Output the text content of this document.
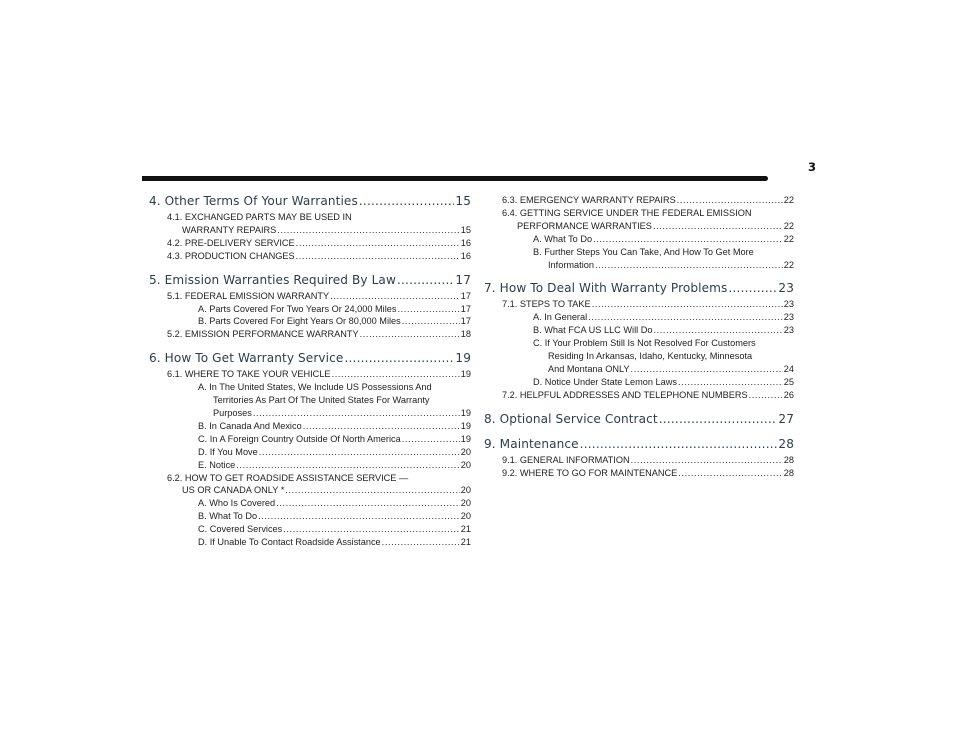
3
4. Other Terms Of Your Warranties .....	15
4.1. EXCHANGED PARTS MAY BE USED IN
WARRANTY REPAIRS .....	15
4.2. PRE-DELIVERY SERVICE .....	16
4.3. PRODUCTION CHANGES .....	16
5. Emission Warranties Required By Law .....	17
5.1. FEDERAL EMISSION WARRANTY .....	17
A. Parts Covered For Two Years Or 24,000 Miles .....	17
B. Parts Covered For Eight Years Or 80,000 Miles .....	17
5.2. EMISSION PERFORMANCE WARRANTY .....	18
6. How To Get Warranty Service .....	19
6.1. WHERE TO TAKE YOUR VEHICLE .....	19
A. In The United States, We Include US Possessions And
Territories As Part Of The United States For Warranty
Purposes .....	19
B. In Canada And Mexico .....	19
C. In A Foreign Country Outside Of North America .....	19
D. If You Move .....	20
E. Notice .....	20
6.2. HOW TO GET ROADSIDE ASSISTANCE SERVICE —
US OR CANADA ONLY * .....	20
A. Who Is Covered .....	20
B. What To Do .....	20
C. Covered Services .....	21
D. If Unable To Contact Roadside Assistance .....	21
6.3. EMERGENCY WARRANTY REPAIRS .....	22
6.4. GETTING SERVICE UNDER THE FEDERAL EMISSION
PERFORMANCE WARRANTIES .....	22
A. What To Do .....	22
B. Further Steps You Can Take, And How To Get More
Information .....	22
7. How To Deal With Warranty Problems .....	23
7.1. STEPS TO TAKE .....	23
A. In General .....	23
B. What FCA US LLC Will Do .....	23
C. If Your Problem Still Is Not Resolved For Customers
Residing In Arkansas, Idaho, Kentucky, Minnesota
And Montana ONLY .....	24
D. Notice Under State Lemon Laws .....	25
7.2. HELPFUL ADDRESSES AND TELEPHONE NUMBERS .....	26
8. Optional Service Contract .....	27
9. Maintenance .....	28
9.1. GENERAL INFORMATION .....	28
9.2. WHERE TO GO FOR MAINTENANCE .....	28
